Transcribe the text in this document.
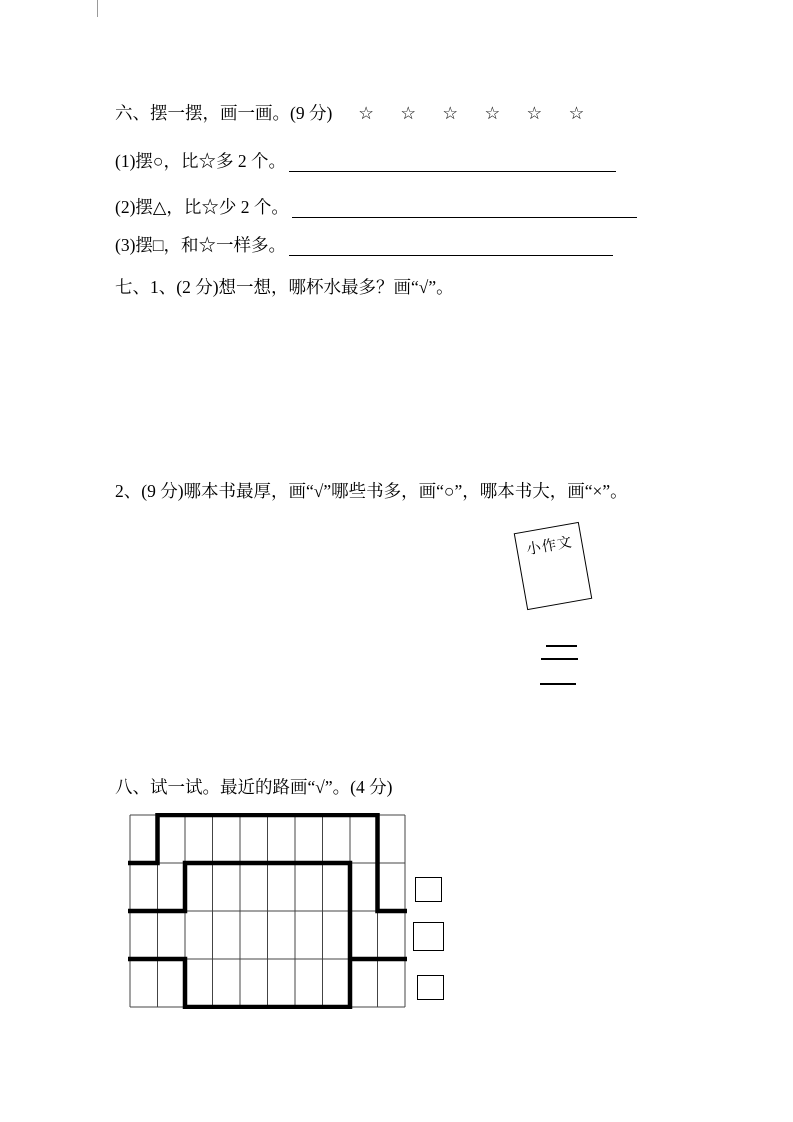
六、摆一摆，画一画。(9 分) ☆ ☆ ☆ ☆ ☆ ☆
(1)摆○，比☆多 2 个。
(2)摆△，比☆少 2 个。
(3)摆□，和☆一样多。
七、1、(2 分)想一想，哪杯水最多？画“√”。
2、(9 分)哪本书最厚，画“√”哪些书多，画“○”，哪本书大，画“×”。
小作文
八、试一试。最近的路画“√”。(4 分)
